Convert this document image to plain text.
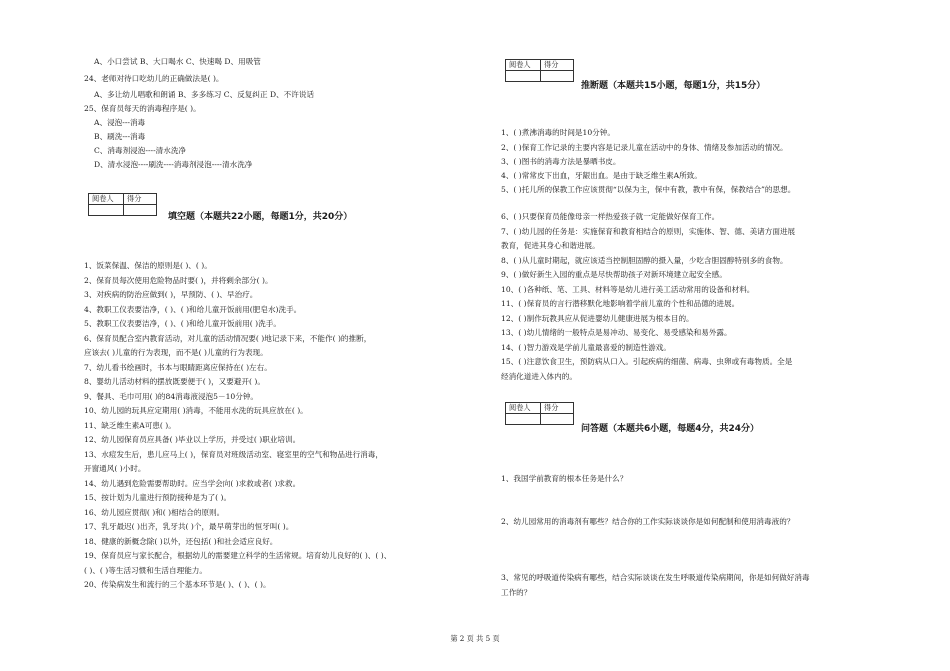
A、小口尝试 B、大口喝水 C、快速喝 D、用吸管
24、老师对待口吃幼儿的正确做法是( )。
A、多让幼儿唱歌和朗诵 B、多多练习 C、反复纠正 D、不许说话
25、保育员每天的消毒程序是( )。
A、浸泡---消毒
B、刷洗---消毒
C、消毒剂浸泡----清水洗净
D、清水浸泡----刷洗----消毒剂浸泡----清水洗净
阅卷人	得分

填空题（本题共22小题，每题1分，共20分）
1、饭菜保温、保洁的原则是( )、( )。
2、保育员每次使用危险物品时要( )，并将剩余部分( )。
3、对疾病的防治应做到( )，早预防、( )、早治疗。
4、教职工仪表要洁净，( )、( )和给儿童开饭前用(肥皂水)洗手。
5、教职工仪表要洁净，( )、( )和给儿童开饭前用( )洗手。
6、保育员配合室内教育活动，对儿童的活动情况要( )地记录下来，不能作( )的推断，
应该去( )儿童的行为表现，而不是( )儿童的行为表现。
7、幼儿看书绘画时，书本与眼睛距离应保持在( )左右。
8、婴幼儿活动材料的摆放既要便于( )，又要避开( )。
9、餐具、毛巾可用( )的84消毒液浸泡5－10分钟。
10、幼儿园的玩具应定期用( )消毒，不能用水洗的玩具应放在( )。
11、缺乏维生素A可患( )。
12、幼儿园保育员应具备( )毕业以上学历，并受过( )职业培训。
13、水痘发生后，患儿应马上( )，保育员对班级活动室、寝室里的空气和物品进行消毒，
开窗通风( )小时。
14、幼儿遇到危险需要帮助时。应当学会向( )求救或者( )求救。
15、按计划为儿童进行预防接种是为了( )。
16、幼儿园应贯彻( )和( )相结合的原则。
17、乳牙最迟( )出齐，乳牙共( )个，最早萌芽出的恒牙叫( )。
18、健康的新概念除( )以外，还包括( )和社会适应良好。
19、保育员应与家长配合，根据幼儿的需要建立科学的生活常规。培育幼儿良好的( )、( )、
( )、( )等生活习惯和生活自理能力。
20、传染病发生和流行的三个基本环节是( )、( )、( )。
阅卷人	得分

推断题（本题共15小题，每题1分，共15分）
1、( )煮沸消毒的时间是10分钟。
2、( )保育工作记录的主要内容是记录儿童在活动中的身体、情绪及参加活动的情况。
3、( )图书的消毒方法是暴晒书皮。
4、( )常常皮下出血，牙龈出血。是由于缺乏维生素A所致。
5、( )托儿所的保教工作应该贯彻“以保为主，保中有教，教中有保，保教结合”的思想。
6、( )只要保育员能像母亲一样热爱孩子就一定能做好保育工作。
7、( )幼儿园的任务是：实施保育和教育相结合的原则，实施体、智、德、美诸方面进展
教育，促进其身心和谐进展。
8、( )从儿童时期起，就应该适当控制胆固醇的摄入量，少吃含胆固醇特别多的食物。
9、( )做好新生入园的重点是尽快帮助孩子对新环境建立起安全感。
10、( )各种纸、笔、工具、材料等是幼儿进行美工活动常用的设备和材料。
11、( )保育员的言行潜移默化地影响着学前儿童的个性和品德的进展。
12、( )制作玩教具应从促进婴幼儿健康进展为根本目的。
13、( )幼儿情绪的一般特点是易冲动、易变化、易受感染和易外露。
14、( )智力游戏是学前儿童最喜爱的制造性游戏。
15、( )注意饮食卫生，预防病从口入。引起疾病的细菌、病毒、虫卵或有毒物质。全是
经消化道进入体内的。
阅卷人	得分

问答题（本题共6小题，每题4分，共24分）
1、我国学前教育的根本任务是什么？
2、幼儿园常用的消毒剂有哪些？结合你的工作实际谈谈你是如何配制和使用消毒液的？
3、常见的呼吸道传染病有哪些，结合实际谈谈在发生呼吸道传染病期间，你是如何做好消毒
工作的？
第 2 页 共 5 页
